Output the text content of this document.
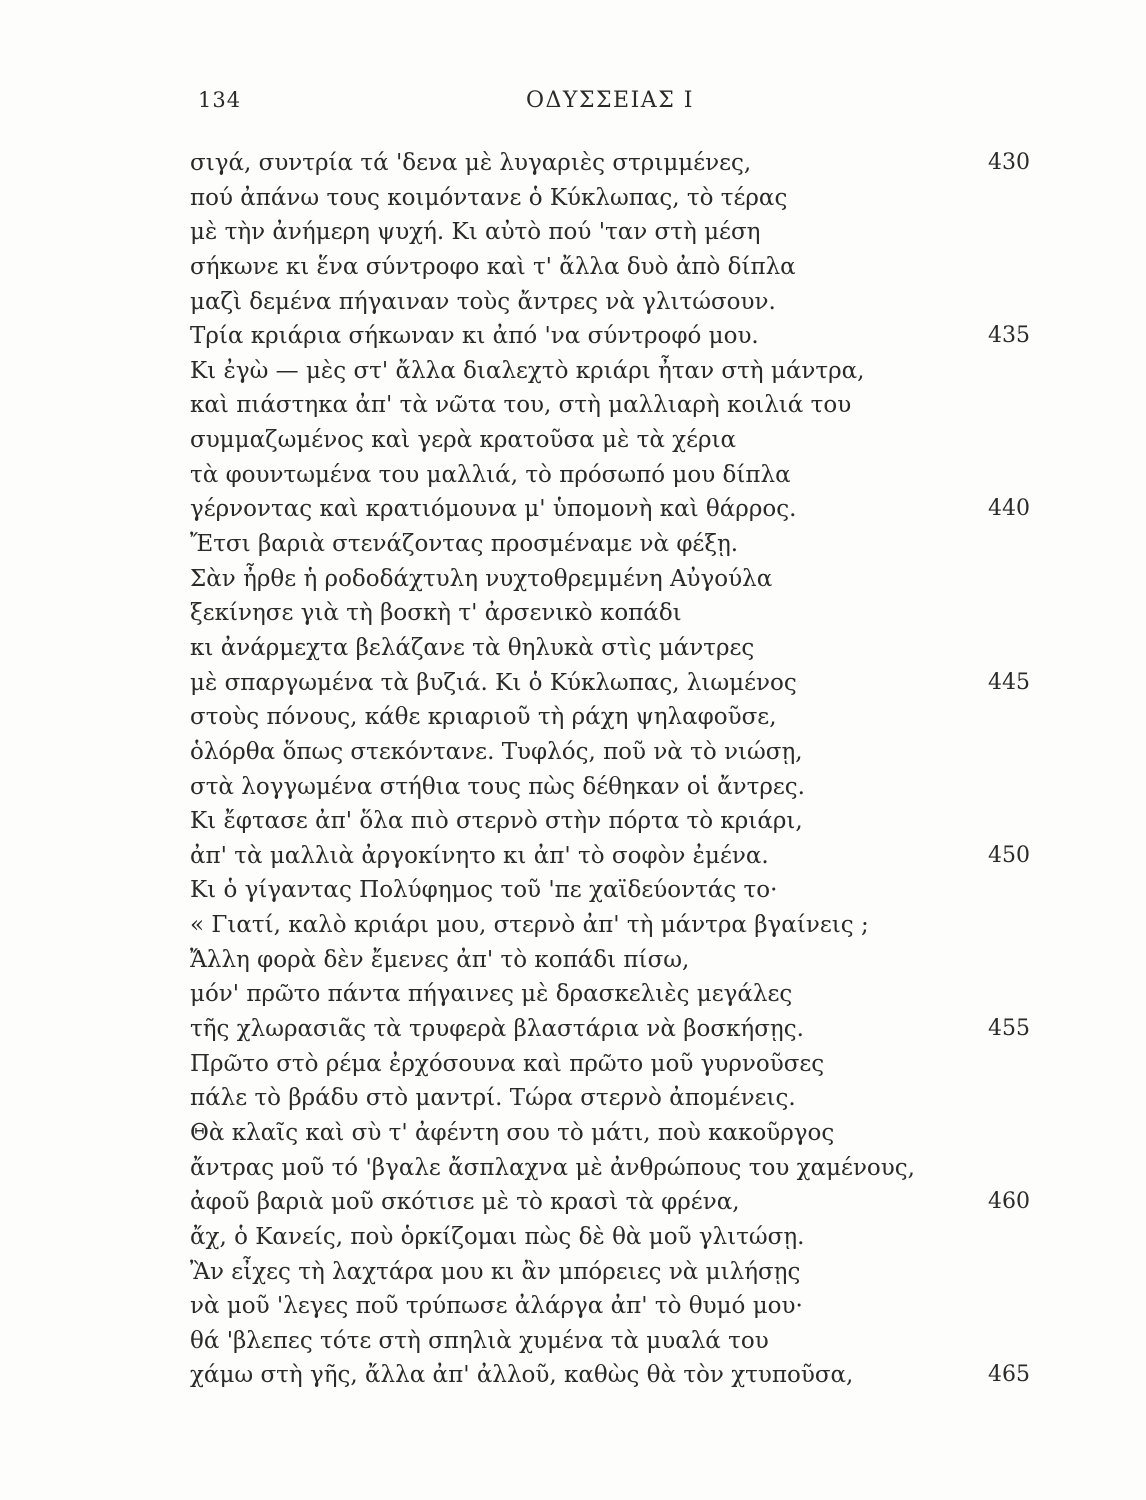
134	ΟΔΥΣΣΕΙΑΣ Ι
σιγά, συντρία τά 'δενα μὲ λυγαριὲς στριμμένες,	430
πού ἀπάνω τους κοιμόντανε ὁ Κύκλωπας, τὸ τέρας
μὲ τὴν ἀνήμερη ψυχή. Κι αὐτὸ πού 'ταν στὴ μέση
σήκωνε κι ἕνα σύντροφο καὶ τ' ἄλλα δυὸ ἀπὸ δίπλα
μαζὶ δεμένα πήγαιναν τοὺς ἄντρες νὰ γλιτώσουν.
Τρία κριάρια σήκωναν κι ἀπό 'να σύντροφό μου.	435
Κι ἐγὼ — μὲς στ' ἄλλα διαλεχτὸ κριάρι ἦταν στὴ μάντρα,
καὶ πιάστηκα ἀπ' τὰ νῶτα του, στὴ μαλλιαρὴ κοιλιά του
συμμαζωμένος καὶ γερὰ κρατοῦσα μὲ τὰ χέρια
τὰ φουντωμένα του μαλλιά, τὸ πρόσωπό μου δίπλα
γέρνοντας καὶ κρατιόμουνα μ' ὑπομονὴ καὶ θάρρος.	440
Ἔτσι βαριὰ στενάζοντας προσμέναμε νὰ φέξῃ.
Σὰν ἦρθε ἡ ροδοδάχτυλη νυχτοθρεμμένη Αὐγούλα
ξεκίνησε γιὰ τὴ βοσκὴ τ' ἀρσενικὸ κοπάδι
κι ἀνάρμεχτα βελάζανε τὰ θηλυκὰ στὶς μάντρες
μὲ σπαργωμένα τὰ βυζιά. Κι ὁ Κύκλωπας, λιωμένος	445
στοὺς πόνους, κάθε κριαριοῦ τὴ ράχη ψηλαφοῦσε,
ὁλόρθα ὅπως στεκόντανε. Τυφλός, ποῦ νὰ τὸ νιώσῃ,
στὰ λογγωμένα στήθια τους πὼς δέθηκαν οἱ ἄντρες.
Κι ἔφτασε ἀπ' ὅλα πιὸ στερνὸ στὴν πόρτα τὸ κριάρι,
ἀπ' τὰ μαλλιὰ ἀργοκίνητο κι ἀπ' τὸ σοφὸν ἐμένα.	450
Κι ὁ γίγαντας Πολύφημος τοῦ 'πε χαϊδεύοντάς το·
« Γιατί, καλὸ κριάρι μου, στερνὸ ἀπ' τὴ μάντρα βγαίνεις ;
Ἄλλη φορὰ δὲν ἔμενες ἀπ' τὸ κοπάδι πίσω,
μόν' πρῶτο πάντα πήγαινες μὲ δρασκελιὲς μεγάλες
τῆς χλωρασιᾶς τὰ τρυφερὰ βλαστάρια νὰ βοσκήσῃς.	455
Πρῶτο στὸ ρέμα ἐρχόσουνα καὶ πρῶτο μοῦ γυρνοῦσες
πάλε τὸ βράδυ στὸ μαντρί. Τώρα στερνὸ ἀπομένεις.
Θὰ κλαῖς καὶ σὺ τ' ἀφέντη σου τὸ μάτι, ποὺ κακοῦργος
ἄντρας μοῦ τό 'βγαλε ἄσπλαχνα μὲ ἀνθρώπους του χαμένους,
ἀφοῦ βαριὰ μοῦ σκότισε μὲ τὸ κρασὶ τὰ φρένα,	460
ἄχ, ὁ Κανείς, ποὺ ὁρκίζομαι πὼς δὲ θὰ μοῦ γλιτώσῃ.
Ἂν εἶχες τὴ λαχτάρα μου κι ἂν μπόρειες νὰ μιλήσῃς
νὰ μοῦ 'λεγες ποῦ τρύπωσε ἀλάργα ἀπ' τὸ θυμό μου·
θά 'βλεπες τότε στὴ σπηλιὰ χυμένα τὰ μυαλά του
χάμω στὴ γῆς, ἄλλα ἀπ' ἀλλοῦ, καθὼς θὰ τὸν χτυποῦσα,	465
